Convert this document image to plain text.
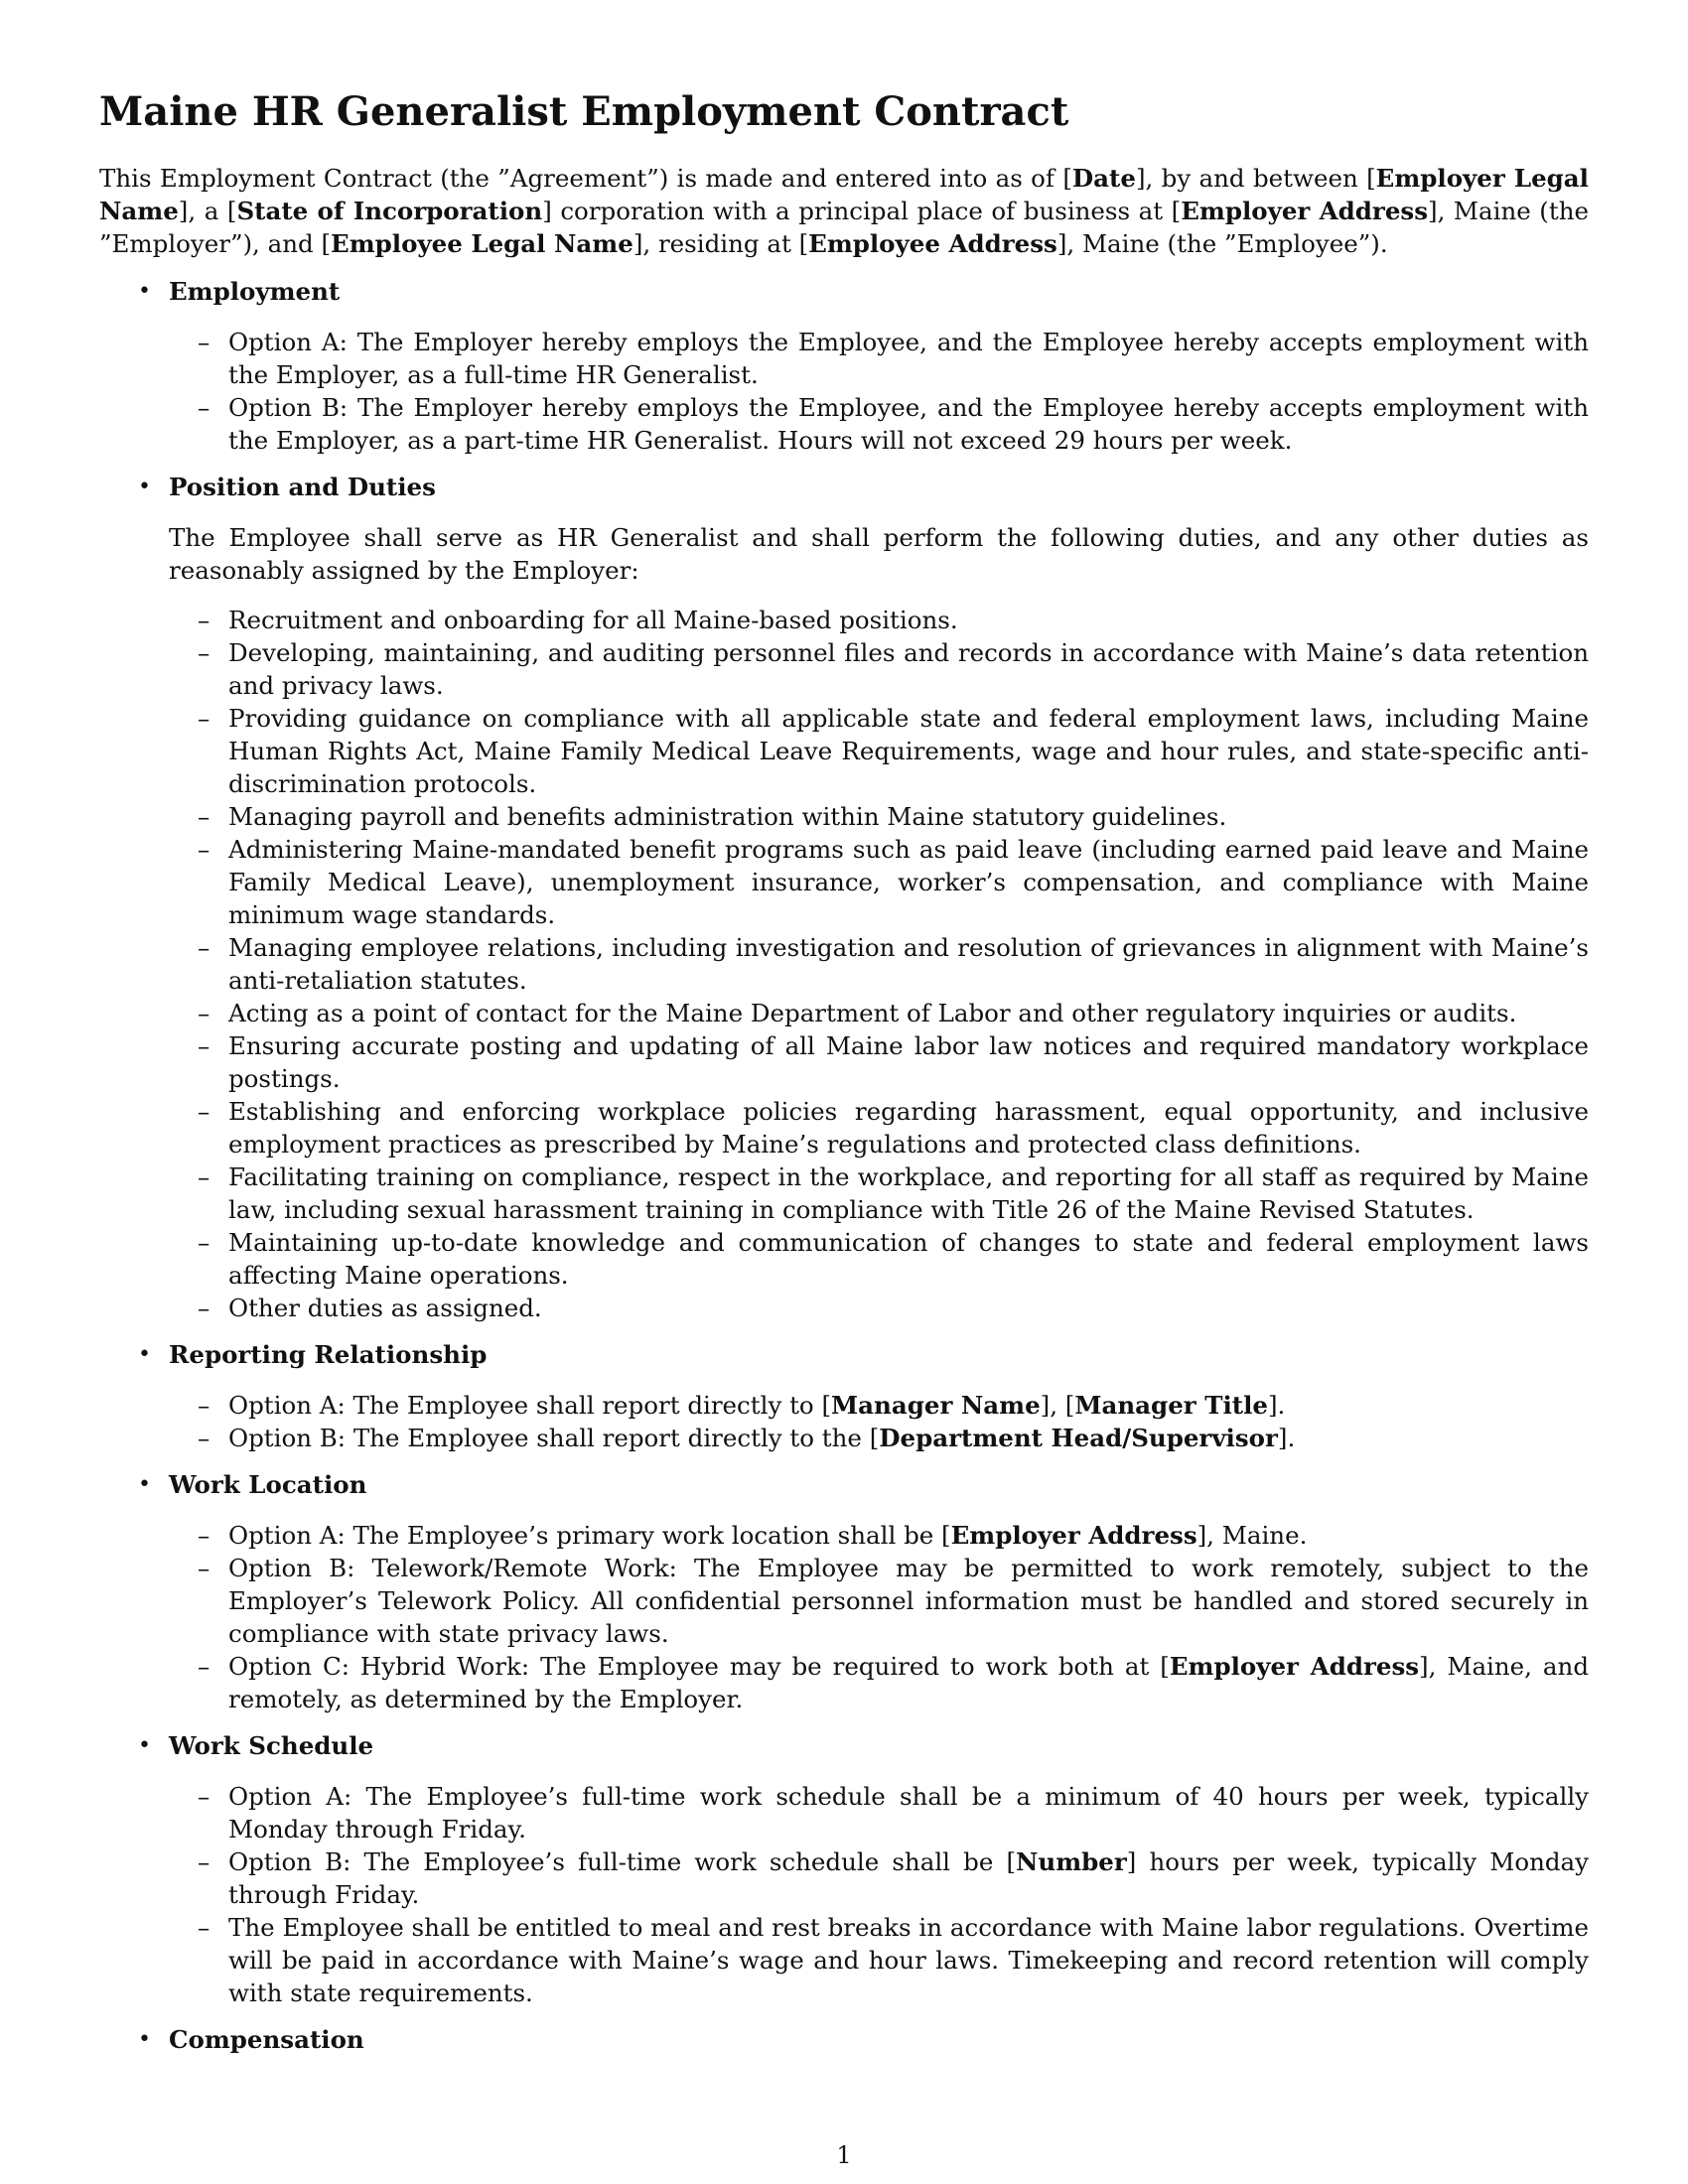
Maine HR Generalist Employment Contract

This Employment Contract (the ”Agreement”) is made and entered into as of [Date], by and between [Employer Legal Name], a [State of Incorporation] corporation with a principal place of business at [Employer Address], Maine (the ”Employer”), and [Employee Legal Name], residing at [Employee Address], Maine (the ”Employee”).

• Employment
– Option A: The Employer hereby employs the Employee, and the Employee hereby accepts employment with the Employer, as a full-time HR Generalist.
– Option B: The Employer hereby employs the Employee, and the Employee hereby accepts employment with the Employer, as a part-time HR Generalist. Hours will not exceed 29 hours per week.
• Position and Duties

The Employee shall serve as HR Generalist and shall perform the following duties, and any other duties as reasonably assigned by the Employer:

– Recruitment and onboarding for all Maine-based positions.
– Developing, maintaining, and auditing personnel files and records in accordance with Maine’s data retention and privacy laws.
– Providing guidance on compliance with all applicable state and federal employment laws, including Maine Human Rights Act, Maine Family Medical Leave Requirements, wage and hour rules, and state-specific anti-discrimination protocols.
– Managing payroll and benefits administration within Maine statutory guidelines.
– Administering Maine-mandated benefit programs such as paid leave (including earned paid leave and Maine Family Medical Leave), unemployment insurance, worker’s compensation, and compliance with Maine minimum wage standards.
– Managing employee relations, including investigation and resolution of grievances in alignment with Maine’s anti-retaliation statutes.
– Acting as a point of contact for the Maine Department of Labor and other regulatory inquiries or audits.
– Ensuring accurate posting and updating of all Maine labor law notices and required mandatory workplace postings.
– Establishing and enforcing workplace policies regarding harassment, equal opportunity, and inclusive employment practices as prescribed by Maine’s regulations and protected class definitions.
– Facilitating training on compliance, respect in the workplace, and reporting for all staff as required by Maine law, including sexual harassment training in compliance with Title 26 of the Maine Revised Statutes.
– Maintaining up-to-date knowledge and communication of changes to state and federal employment laws affecting Maine operations.
– Other duties as assigned.
• Reporting Relationship
– Option A: The Employee shall report directly to [Manager Name], [Manager Title].
– Option B: The Employee shall report directly to the [Department Head/Supervisor].
• Work Location
– Option A: The Employee’s primary work location shall be [Employer Address], Maine.
– Option B: Telework/Remote Work: The Employee may be permitted to work remotely, subject to the Employer’s Telework Policy. All confidential personnel information must be handled and stored securely in compliance with state privacy laws.
– Option C: Hybrid Work: The Employee may be required to work both at [Employer Address], Maine, and remotely, as determined by the Employer.
• Work Schedule
– Option A: The Employee’s full-time work schedule shall be a minimum of 40 hours per week, typically Monday through Friday.
– Option B: The Employee’s full-time work schedule shall be [Number] hours per week, typically Monday through Friday.
– The Employee shall be entitled to meal and rest breaks in accordance with Maine labor regulations. Overtime will be paid in accordance with Maine’s wage and hour laws. Timekeeping and record retention will comply with state requirements.
• Compensation
1
